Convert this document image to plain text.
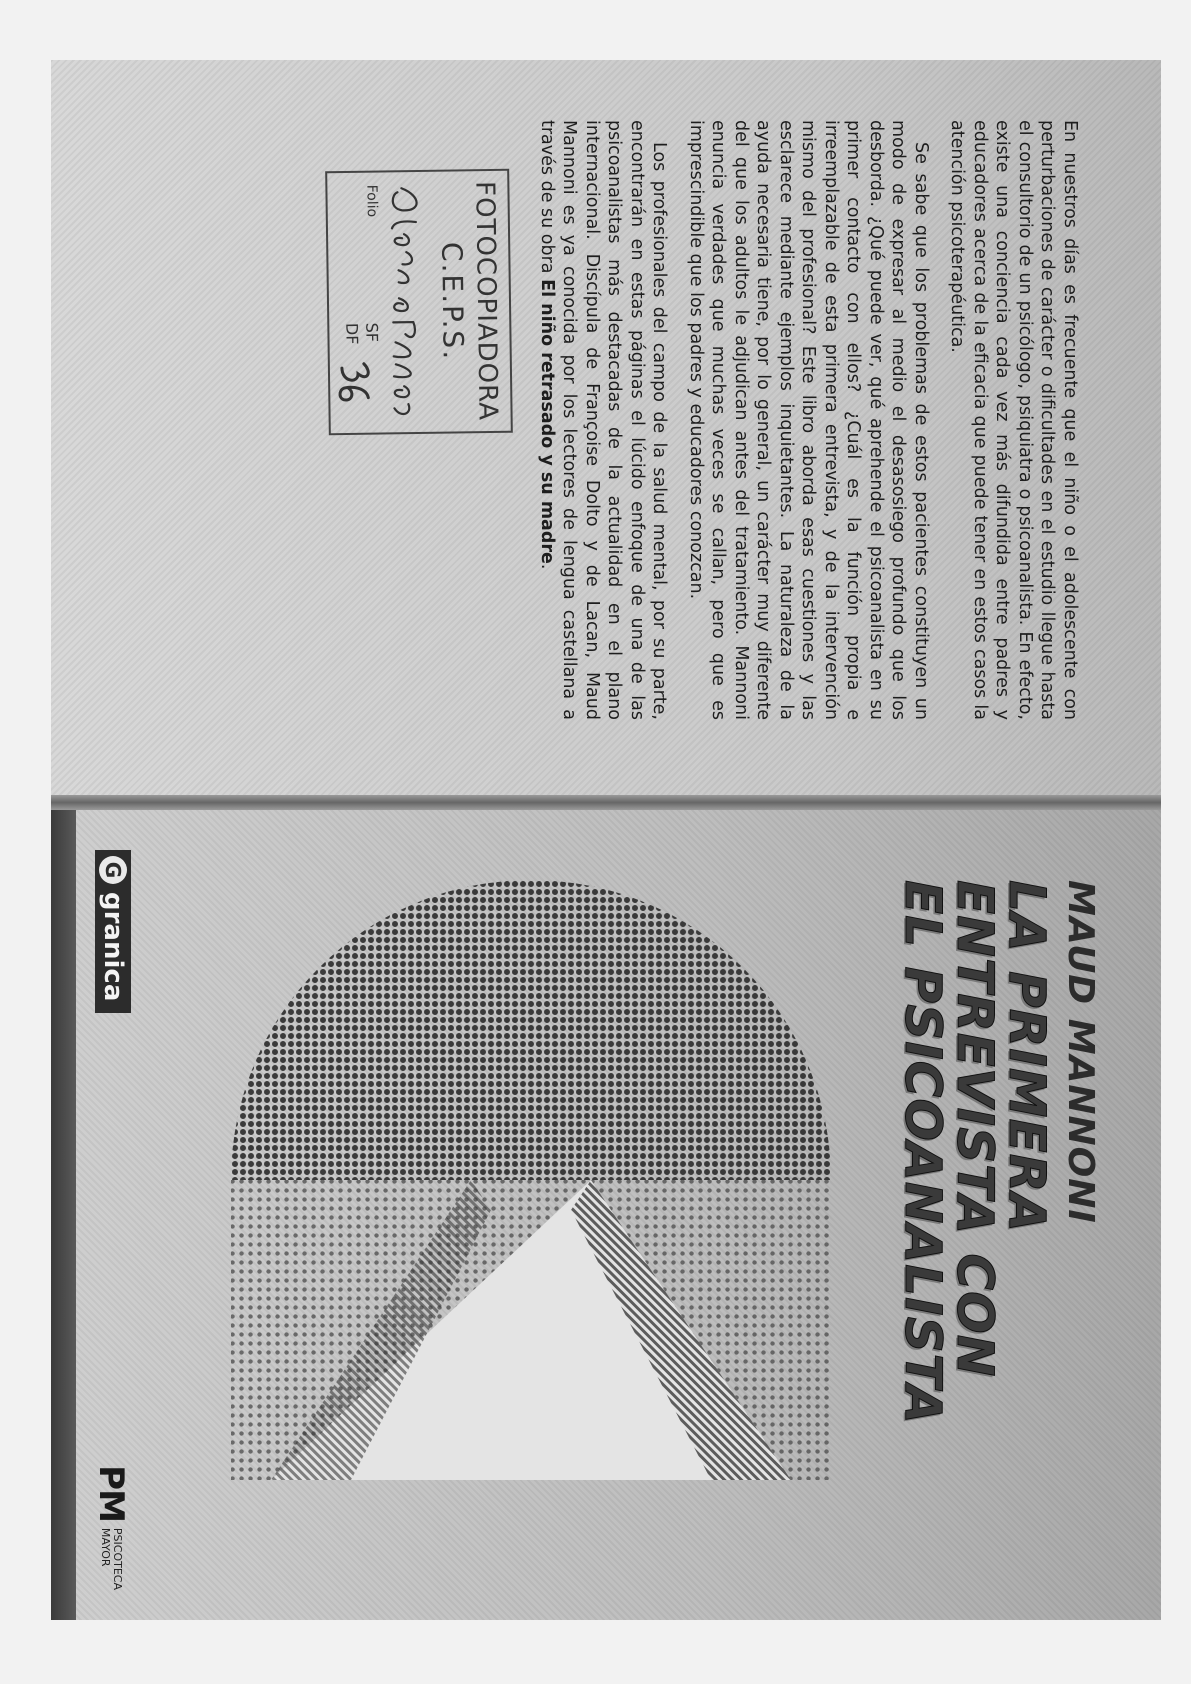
En nuestros días es frecuente que el niño o el adolescente con perturbaciones de carácter o dificultades en el estudio llegue hasta el consultorio de un psicólogo, psiquiatra o psicoanalista. En efecto, existe una conciencia cada vez más difundida entre padres y educadores acerca de la eficacia que puede tener en estos casos la atención psicoterapéutica.

Se sabe que los problemas de estos pacientes constituyen un modo de expresar al medio el desasosiego profundo que los desborda. ¿Qué puede ver, qué aprehende el psicoanalista en su primer contacto con ellos? ¿Cuál es la función propia e irreemplazable de esta primera entrevista, y de la intervención mismo del profesional? Este libro aborda esas cuestiones y las esclarece mediante ejemplos inquietantes. La naturaleza de la ayuda necesaria tiene, por lo general, un carácter muy diferente del que los adultos le adjudican antes del tratamiento. Mannoni enuncia verdades que muchas veces se callan, pero que es imprescindible que los padres y educadores conozcan.

Los profesionales del campo de la salud mental, por su parte, encontrarán en estas páginas el lúcido enfoque de una de las psicoanalistas más destacadas de la actualidad en el plano internacional. Discípula de Françoise Dolto y de Lacan, Maud Mannoni es ya conocida por los lectores de lengua castellana a través de su obra El niño retrasado y su madre.

FOTOCOPIADORA
C.E.P.S.
Folio
SF
DF
MAUD MANNONI
LA PRIMERA
ENTREVISTA CON
EL PSICOANALISTA
G
granica
PM
PSICOTECA
MAYOR
